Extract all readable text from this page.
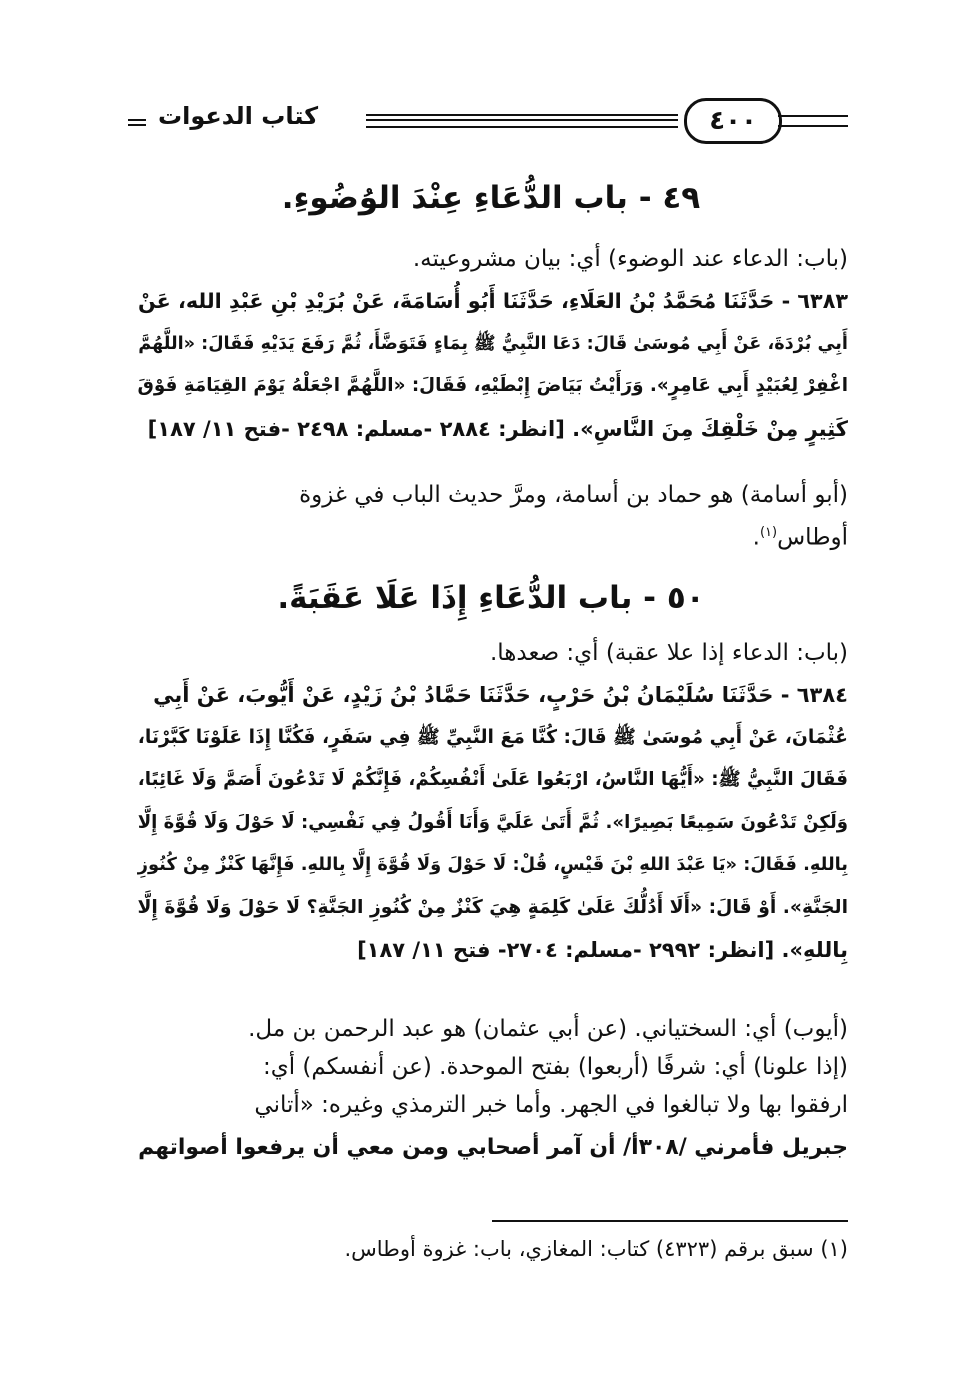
كتاب الدعوات	٤٠٠
٤٩ - باب الدُّعَاءِ عِنْدَ الوُضُوءِ.
(باب: الدعاء عند الوضوء) أي: بيان مشروعيته.
٦٣٨٣ - حَدَّثَنَا مُحَمَّدُ بْنُ العَلَاءِ، حَدَّثَنَا أَبُو أُسَامَةَ، عَنْ بُرَيْدِ بْنِ عَبْدِ الله، عَنْ
أَبِي بُرْدَةَ، عَنْ أَبِي مُوسَىٰ قَالَ: دَعَا النَّبِيُّ ﷺ بِمَاءٍ فَتَوَضَّأَ، ثُمَّ رَفَعَ يَدَيْهِ فَقَالَ: «اللَّهُمَّ
اغْفِرْ لِعُبَيْدٍ أَبِي عَامِرٍ». وَرَأَيْتُ بَيَاضَ إِبْطَيْهِ، فَقَالَ: «اللَّهُمَّ اجْعَلْهُ يَوْمَ القِيَامَةِ فَوْقَ
كَثِيرٍ مِنْ خَلْقِكَ مِنَ النَّاسِ». [انظر: ٢٨٨٤ -مسلم: ٢٤٩٨ -فتح ١١/ ١٨٧]
(أبو أسامة) هو حماد بن أسامة، ومرَّ حديث الباب في غزوة
أوطاس$^{(١)}$.
٥٠ - باب الدُّعَاءِ إِذَا عَلَا عَقَبَةً.
(باب: الدعاء إذا علا عقبة) أي: صعدها.
٦٣٨٤ - حَدَّثَنَا سُلَيْمَانُ بْنُ حَرْبٍ، حَدَّثَنَا حَمَّادُ بْنُ زَيْدٍ، عَنْ أَيُّوبَ، عَنْ أَبِي
عُثْمَانَ، عَنْ أَبِي مُوسَىٰ ﷺ قَالَ: كُنَّا مَعَ النَّبِيِّ ﷺ فِي سَفَرٍ، فَكُنَّا إِذَا عَلَوْنَا كَبَّرْنَا،
فَقَالَ النَّبِيُّ ﷺ: «أَيُّهَا النَّاسُ، ارْبَعُوا عَلَىٰ أَنْفُسِكُمْ، فَإِنَّكُمْ لَا تَدْعُونَ أَصَمَّ وَلَا غَائِبًا،
وَلَكِنْ تَدْعُونَ سَمِيعًا بَصِيرًا». ثُمَّ أَتَىٰ عَلَيَّ وَأَنَا أَقُولُ فِي نَفْسِي: لَا حَوْلَ وَلَا قُوَّةَ إِلَّا
بِاللهِ. فَقَالَ: «يَا عَبْدَ اللهِ بْنَ قَيْسٍ، قُلْ: لَا حَوْلَ وَلَا قُوَّةَ إِلَّا بِاللهِ. فَإِنَّهَا كَنْزٌ مِنْ كُنُوزِ
الجَنَّةِ». أَوْ قَالَ: «أَلَا أَدُلُّكَ عَلَىٰ كَلِمَةٍ هِيَ كَنْزٌ مِنْ كُنُوزِ الجَنَّةِ؟ لَا حَوْلَ وَلَا قُوَّةَ إِلَّا
بِاللهِ». [انظر: ٢٩٩٢ -مسلم: ٢٧٠٤- فتح ١١/ ١٨٧]
(أيوب) أي: السختياني. (عن أبي عثمان) هو عبد الرحمن بن مل.
(إذا علونا) أي: شرفًا (أربعوا) بفتح الموحدة. (عن أنفسكم) أي:
ارفقوا بها ولا تبالغوا في الجهر. وأما خبر الترمذي وغيره: «أتاني
جبريل فأمرني /٣٠٨أ/ أن آمر أصحابي ومن معي أن يرفعوا أصواتهم
(١) سبق برقم (٤٣٢٣) كتاب: المغازي، باب: غزوة أوطاس.
